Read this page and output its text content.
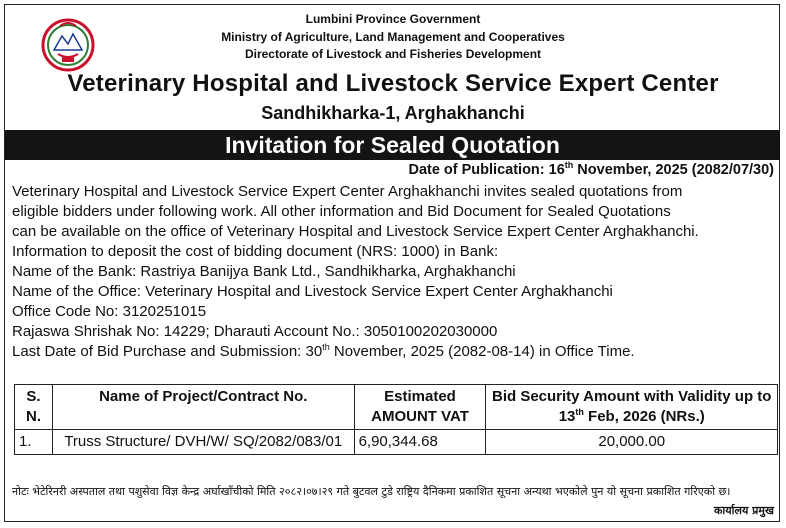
Lumbini Province Government
Ministry of Agriculture, Land Management and Cooperatives
Directorate of Livestock and Fisheries Development
Veterinary Hospital and Livestock Service Expert Center
Sandhikharka-1, Arghakhanchi
Invitation for Sealed Quotation
Date of Publication: 16th November, 2025 (2082/07/30)
Veterinary Hospital and Livestock Service Expert Center Arghakhanchi invites sealed quotations from
eligible bidders under following work. All other information and Bid Document for Sealed Quotations
can be available on the office of Veterinary Hospital and Livestock Service Expert Center Arghakhanchi.
Information to deposit the cost of bidding document (NRS: 1000) in Bank:
Name of the Bank: Rastriya Banijya Bank Ltd., Sandhikharka, Arghakhanchi
Name of the Office: Veterinary Hospital and Livestock Service Expert Center Arghakhanchi
Office Code No: 3120251015
Rajaswa Shrishak No: 14229; Dharauti Account No.: 3050100202030000
Last Date of Bid Purchase and Submission: 30th November, 2025 (2082-08-14) in Office Time.
S. N.	Name of Project/Contract No.	Estimated AMOUNT VAT	Bid Security Amount with Validity up to 13th Feb, 2026 (NRs.)
1.	Truss Structure/ DVH/W/ SQ/2082/083/01	6,90,344.68	20,000.00
नोटः भेटेरिनरी अस्पताल तथा पशुसेवा विज्ञ केन्द्र अर्घाखाँचीको मिति २०८२।०७।२९ गते बुटवल टुडे राष्ट्रिय दैनिकमा प्रकाशित सूचना अन्यथा भएकोले पुन यो सूचना प्रकाशित गरिएको छ।
कार्यालय प्रमुख
